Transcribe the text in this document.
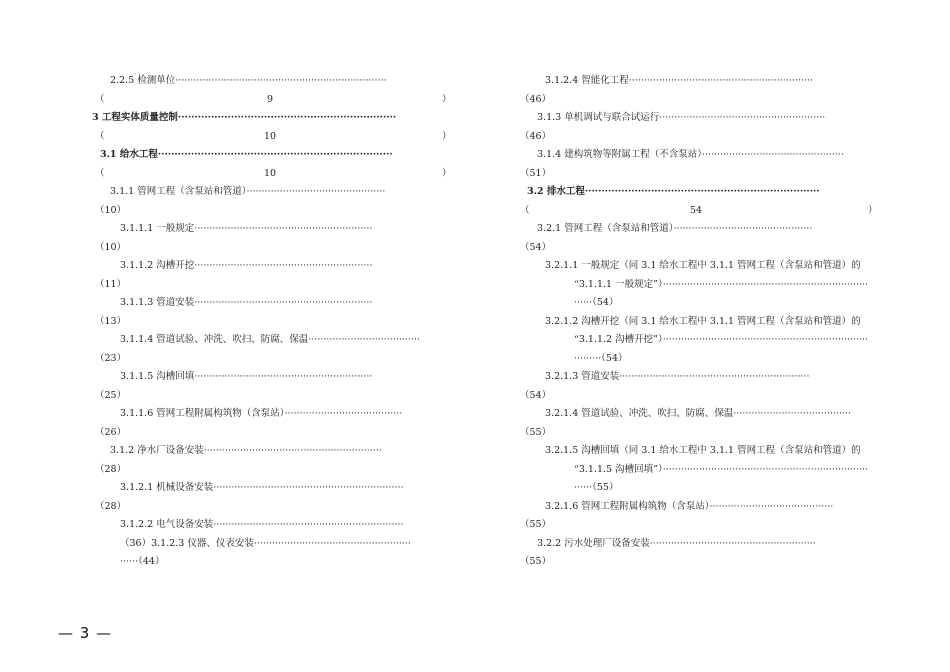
2.2.5 检测单位······································································
（	9	）
3 工程实体质量控制··································································
（	10	）
3.1 给水工程·······································································
（	10	）
3.1.1 管网工程（含泵站和管道）··············································
（10）
3.1.1.1 一般规定···························································
（10）
3.1.1.2 沟槽开挖···························································
（11）
3.1.1.3 管道安装···························································
（13）
3.1.1.4 管道试验、冲洗、吹扫、防腐、保温·····································
（23）
3.1.1.5 沟槽回填···························································
（25）
3.1.1.6 管网工程附属构筑物（含泵站）·······································
（26）
3.1.2 净水厂设备安装···························································
（28）
3.1.2.1 机械设备安装·······························································
（28）
3.1.2.2 电气设备安装·······························································
（36）3.1.2.3 仪器、仪表安装····················································
······（44）
3.1.2.4 智能化工程·····························································
（46）
3.1.3 单机调试与联合试运行·······················································
（46）
3.1.4 建构筑物等附属工程（不含泵站）···············································
（51）
3.2 排水工程·······································································
（	54	）
3.2.1 管网工程（含泵站和管道）··············································
（54）
3.2.1.1 一般规定（同 3.1 给水工程中 3.1.1 管网工程（含泵站和管道）的
“3.1.1.1 一般规定”）····································································
······（54）
3.2.1.2 沟槽开挖（同 3.1 给水工程中 3.1.1 管网工程（含泵站和管道）的
“3.1.1.2 沟槽开挖”）····································································
·········（54）
3.2.1.3 管道安装·······························································
（54）
3.2.1.4 管道试验、冲洗、吹扫、防腐、保温·······································
（55）
3.2.1.5 沟槽回填（同 3.1 给水工程中 3.1.1 管网工程（含泵站和管道）的
“3.1.1.5 沟槽回填”）····································································
······（55）
3.2.1.6 管网工程附属构筑物（含泵站）·········································
（55）
3.2.2 污水处理厂设备安装·······················································
（55）
— 3 —
